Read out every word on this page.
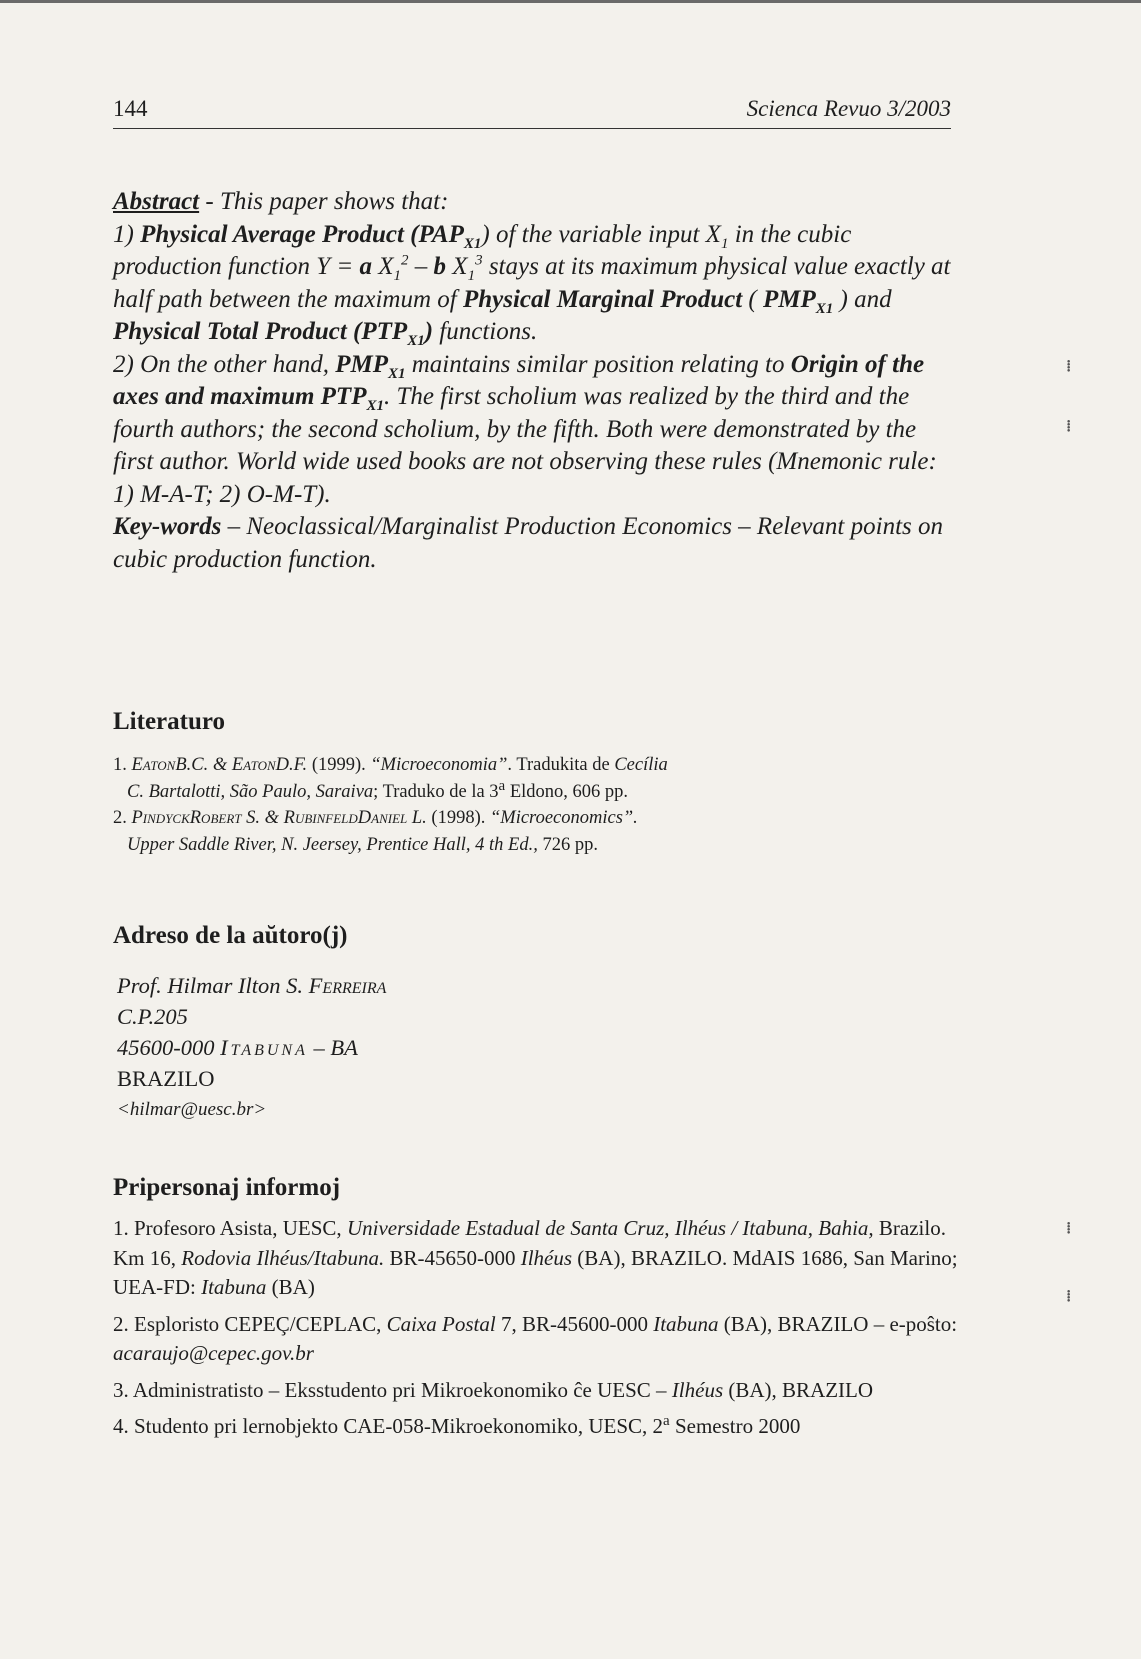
144	Scienca Revuo 3/2003

Abstract - This paper shows that:

1) Physical Average Product $(PAP_{X1})$ of the variable input $X_1$ in the cubic production function Y = a $X_1^2$ – b $X_1^3$ stays at its maximum physical value exactly at half path between the maximum of Physical Marginal Product ( $PMP_{X1}$ ) and Physical Total Product $(PTP_{X1})$ functions.

2) On the other hand, $PMP_{X1}$ maintains similar position relating to Origin of the axes and maximum $PTP_{X1}$. The first scholium was realized by the third and the fourth authors; the second scholium, by the fifth. Both were demonstrated by the first author. World wide used books are not observing these rules (Mnemonic rule: 1) M-A-T; 2) O-M-T).

Key-words – Neoclassical/Marginalist Production Economics – Relevant points on cubic production function.

Literaturo

1. EatonB.C. & EatonD.F. (1999). “Microeconomia”. Tradukita de Cecília

C. Bartalotti, São Paulo, Saraiva; Traduko de la 3$^a$ Eldono, 606 pp.

2. PindyckRobert S. & RubinfeldDaniel L. (1998). “Microeconomics”.

Upper Saddle River, N. Jeersey, Prentice Hall, 4 th Ed., 726 pp.

Adreso de la aŭtoro(j)
Prof. Hilmar Ilton S. Ferreira
C.P.205
45600-000 Itabuna – BA
BRAZILO
<hilmar@uesc.br>
Pripersonaj informoj

1. Profesoro Asista, UESC, Universidade Estadual de Santa Cruz, Ilhéus / Itabuna, Bahia, Brazilo. Km 16, Rodovia Ilhéus/Itabuna. BR-45650-000 Ilhéus (BA), BRAZILO. MdAIS 1686, San Marino; UEA-FD: Itabuna (BA)

2. Esploristo CEPEÇ/CEPLAC, Caixa Postal 7, BR-45600-000 Itabuna (BA), BRAZILO – e-poŝto: acaraujo@cepec.gov.br

3. Administratisto – Eksstudento pri Mikroekonomiko ĉe UESC – Ilhéus (BA), BRAZILO

4. Studento pri lernobjekto CAE-058-Mikroekonomiko, UESC, 2$^a$ Semestro 2000

⁞
⁞
⁞
⁞
